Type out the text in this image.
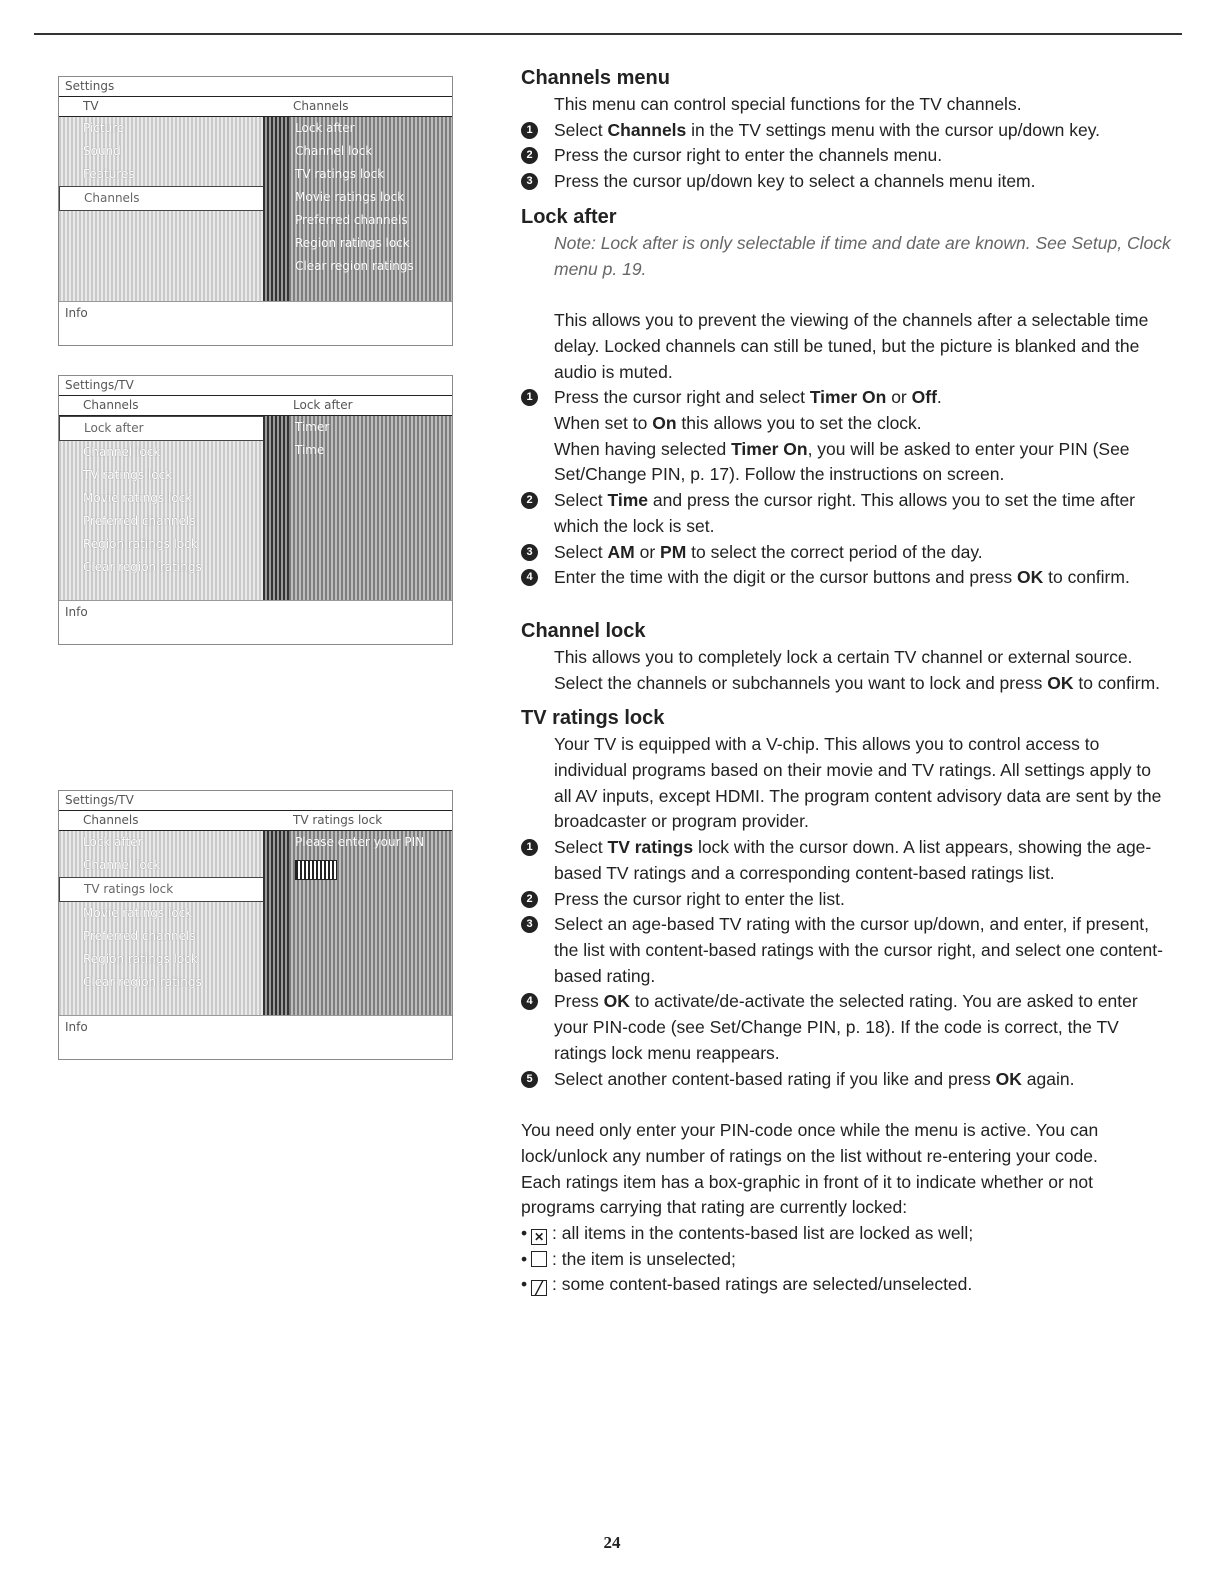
Settings
TV	Channels
Picture
Sound
Features
Channels
Lock after
Channel lock
TV ratings lock
Movie ratings lock
Preferred channels
Region ratings lock
Clear region ratings
Info
Settings/TV
Channels	Lock after
Lock after
Channel lock
TV ratings lock
Movie ratings lock
Preferred channels
Region ratings lock
Clear region ratings
Timer
Time
Info
Settings/TV
Channels	TV ratings lock
Lock after
Channel lock
TV ratings lock
Movie ratings lock
Preferred channels
Region ratings lock
Clear region ratings
Please enter your PIN
Info
Channels menu

This menu can control special functions for the TV channels.

1	Select Channels in the TV settings menu with the cursor up/down key.
2	Press the cursor right to enter the channels menu.
3	Press the cursor up/down key to select a channels menu item.
Lock after

Note: Lock after is only selectable if time and date are known. See Setup, Clock menu p. 19.

This allows you to prevent the viewing of the channels after a selectable time delay. Locked channels can still be tuned, but the picture is blanked and the audio is muted.

1	Press the cursor right and select Timer On or Off.
When set to On this allows you to set the clock.
When having selected Timer On, you will be asked to enter your PIN (See Set/Change PIN, p. 17). Follow the instructions on screen.
2	Select Time and press the cursor right. This allows you to set the time after which the lock is set.
3	Select AM or PM to select the correct period of the day.
4	Enter the time with the digit or the cursor buttons and press OK to confirm.
Channel lock

This allows you to completely lock a certain TV channel or external source. Select the channels or subchannels you want to lock and press OK to confirm.

TV ratings lock

Your TV is equipped with a V-chip. This allows you to control access to individual programs based on their movie and TV ratings. All settings apply to all AV inputs, except HDMI. The program content advisory data are sent by the broadcaster or program provider.

1	Select TV ratings lock with the cursor down. A list appears, showing the age-based TV ratings and a corresponding content-based ratings list.
2	Press the cursor right to enter the list.
3	Select an age-based TV rating with the cursor up/down, and enter, if present, the list with content-based ratings with the cursor right, and select one content-based rating.
4	Press OK to activate/de-activate the selected rating. You are asked to enter your PIN-code (see Set/Change PIN, p. 18). If the code is correct, the TV ratings lock menu reappears.
5	Select another content-based rating if you like and press OK again.

You need only enter your PIN-code once while the menu is active. You can lock/unlock any number of ratings on the list without re-entering your code.

Each ratings item has a box-graphic in front of it to indicate whether or not programs carrying that rating are currently locked:

• ✕ : all items in the contents-based list are locked as well;

• : the item is unselected;

• ╱ : some content-based ratings are selected/unselected.

24
